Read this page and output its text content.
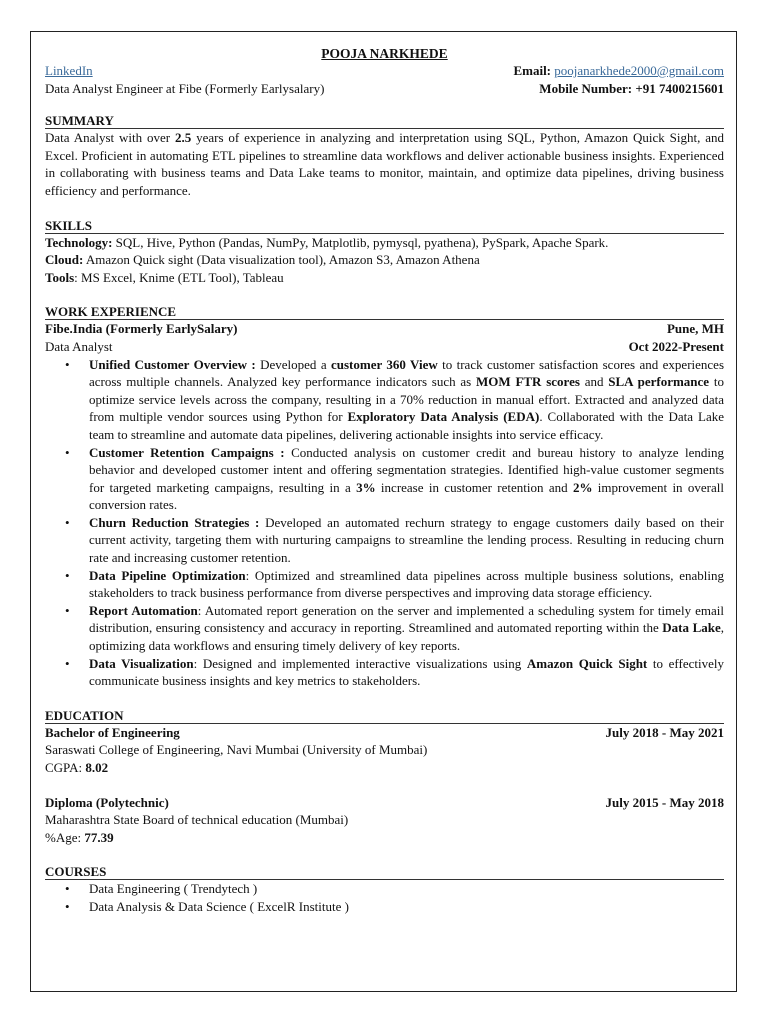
POOJA NARKHEDE

LinkedIn	Email: poojanarkhede2000@gmail.com
Data Analyst Engineer at Fibe (Formerly Earlysalary)	Mobile Number: +91 7400215601
SUMMARY
Data Analyst with over 2.5 years of experience in analyzing and interpretation using SQL, Python, Amazon Quick Sight, and Excel. Proficient in automating ETL pipelines to streamline data workflows and deliver actionable business insights. Experienced in collaborating with business teams and Data Lake teams to monitor, maintain, and optimize data pipelines, driving business efficiency and performance.
SKILLS
Technology: SQL, Hive, Python (Pandas, NumPy, Matplotlib, pymysql, pyathena), PySpark, Apache Spark.
Cloud: Amazon Quick sight (Data visualization tool), Amazon S3, Amazon Athena
Tools: MS Excel, Knime (ETL Tool), Tableau
WORK EXPERIENCE
Fibe.India (Formerly EarlySalary)	Pune, MH
Data Analyst	Oct 2022-Present
• Unified Customer Overview : Developed a customer 360 View to track customer satisfaction scores and experiences across multiple channels. Analyzed key performance indicators such as MOM FTR scores and SLA performance to optimize service levels across the company, resulting in a 70% reduction in manual effort. Extracted and analyzed data from multiple vendor sources using Python for Exploratory Data Analysis (EDA). Collaborated with the Data Lake team to streamline and automate data pipelines, delivering actionable insights into service efficacy.
• Customer Retention Campaigns : Conducted analysis on customer credit and bureau history to analyze lending behavior and developed customer intent and offering segmentation strategies. Identified high-value customer segments for targeted marketing campaigns, resulting in a 3% increase in customer retention and 2% improvement in overall conversion rates.
• Churn Reduction Strategies : Developed an automated rechurn strategy to engage customers daily based on their current activity, targeting them with nurturing campaigns to streamline the lending process. Resulting in reducing churn rate and increasing customer retention.
• Data Pipeline Optimization: Optimized and streamlined data pipelines across multiple business solutions, enabling stakeholders to track business performance from diverse perspectives and improving data storage efficiency.
• Report Automation: Automated report generation on the server and implemented a scheduling system for timely email distribution, ensuring consistency and accuracy in reporting. Streamlined and automated reporting within the Data Lake, optimizing data workflows and ensuring timely delivery of key reports.
• Data Visualization: Designed and implemented interactive visualizations using Amazon Quick Sight to effectively communicate business insights and key metrics to stakeholders.
EDUCATION
Bachelor of Engineering	July 2018 - May 2021
Saraswati College of Engineering, Navi Mumbai (University of Mumbai)
CGPA: 8.02
Diploma (Polytechnic)	July 2015 - May 2018
Maharashtra State Board of technical education (Mumbai)
%Age: 77.39
COURSES
• Data Engineering ( Trendytech )
• Data Analysis & Data Science ( ExcelR Institute )
